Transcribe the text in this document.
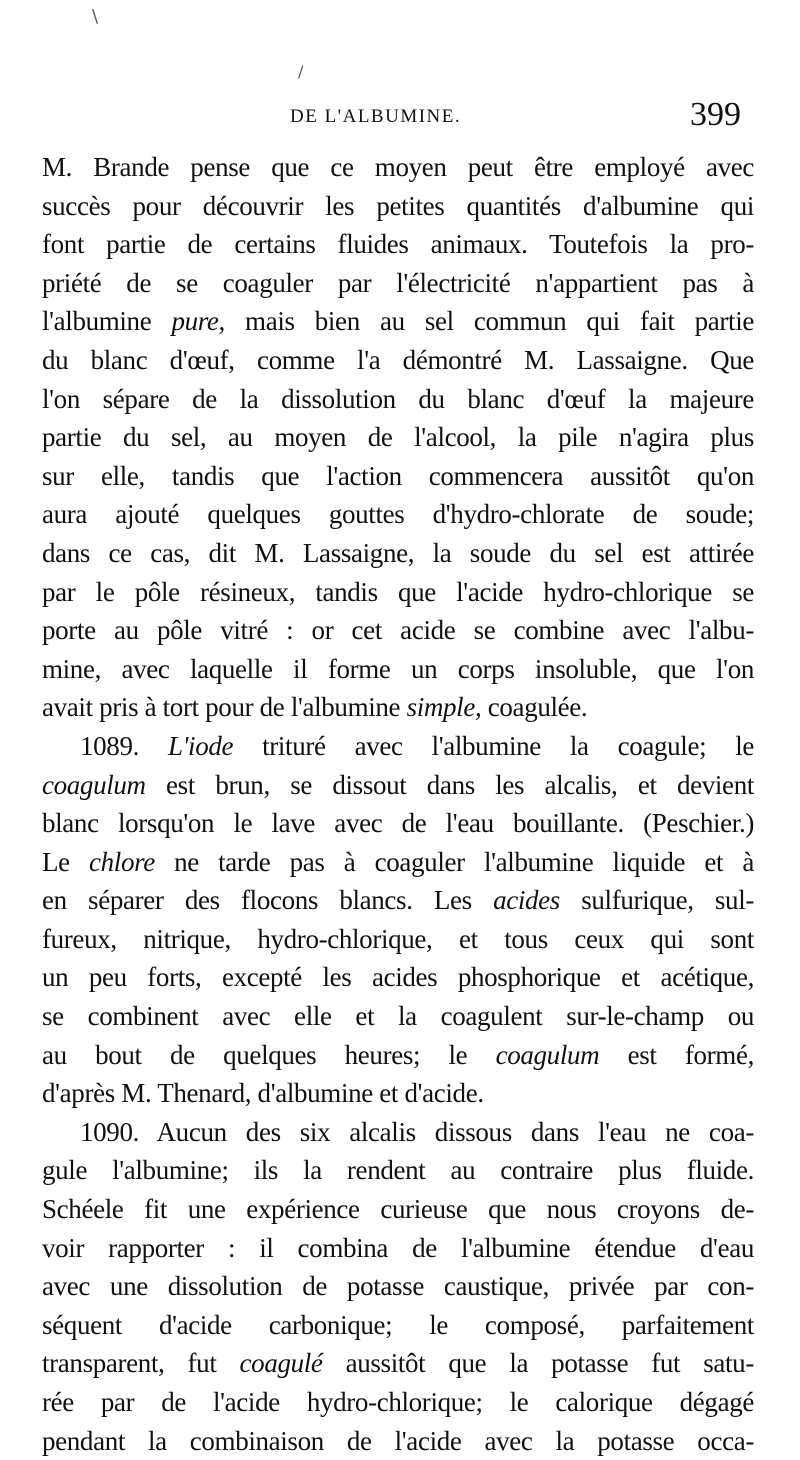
\
/
DE L'ALBUMINE.	399
M. Brande pense que ce moyen peut être employé avec
succès pour découvrir les petites quantités d'albumine qui
font partie de certains fluides animaux. Toutefois la pro-
priété de se coaguler par l'électricité n'appartient pas à
l'albumine pure, mais bien au sel commun qui fait partie
du blanc d'œuf, comme l'a démontré M. Lassaigne. Que
l'on sépare de la dissolution du blanc d'œuf la majeure
partie du sel, au moyen de l'alcool, la pile n'agira plus
sur elle, tandis que l'action commencera aussitôt qu'on
aura ajouté quelques gouttes d'hydro-chlorate de soude;
dans ce cas, dit M. Lassaigne, la soude du sel est attirée
par le pôle résineux, tandis que l'acide hydro-chlorique se
porte au pôle vitré : or cet acide se combine avec l'albu-
mine, avec laquelle il forme un corps insoluble, que l'on
avait pris à tort pour de l'albumine simple, coagulée.
1089. L'iode trituré avec l'albumine la coagule; le
coagulum est brun, se dissout dans les alcalis, et devient
blanc lorsqu'on le lave avec de l'eau bouillante. (Peschier.)
Le chlore ne tarde pas à coaguler l'albumine liquide et à
en séparer des flocons blancs. Les acides sulfurique, sul-
fureux, nitrique, hydro-chlorique, et tous ceux qui sont
un peu forts, excepté les acides phosphorique et acétique,
se combinent avec elle et la coagulent sur-le-champ ou
au bout de quelques heures; le coagulum est formé,
d'après M. Thenard, d'albumine et d'acide.
1090. Aucun des six alcalis dissous dans l'eau ne coa-
gule l'albumine; ils la rendent au contraire plus fluide.
Schéele fit une expérience curieuse que nous croyons de-
voir rapporter : il combina de l'albumine étendue d'eau
avec une dissolution de potasse caustique, privée par con-
séquent d'acide carbonique; le composé, parfaitement
transparent, fut coagulé aussitôt que la potasse fut satu-
rée par de l'acide hydro-chlorique; le calorique dégagé
pendant la combinaison de l'acide avec la potasse occa-
